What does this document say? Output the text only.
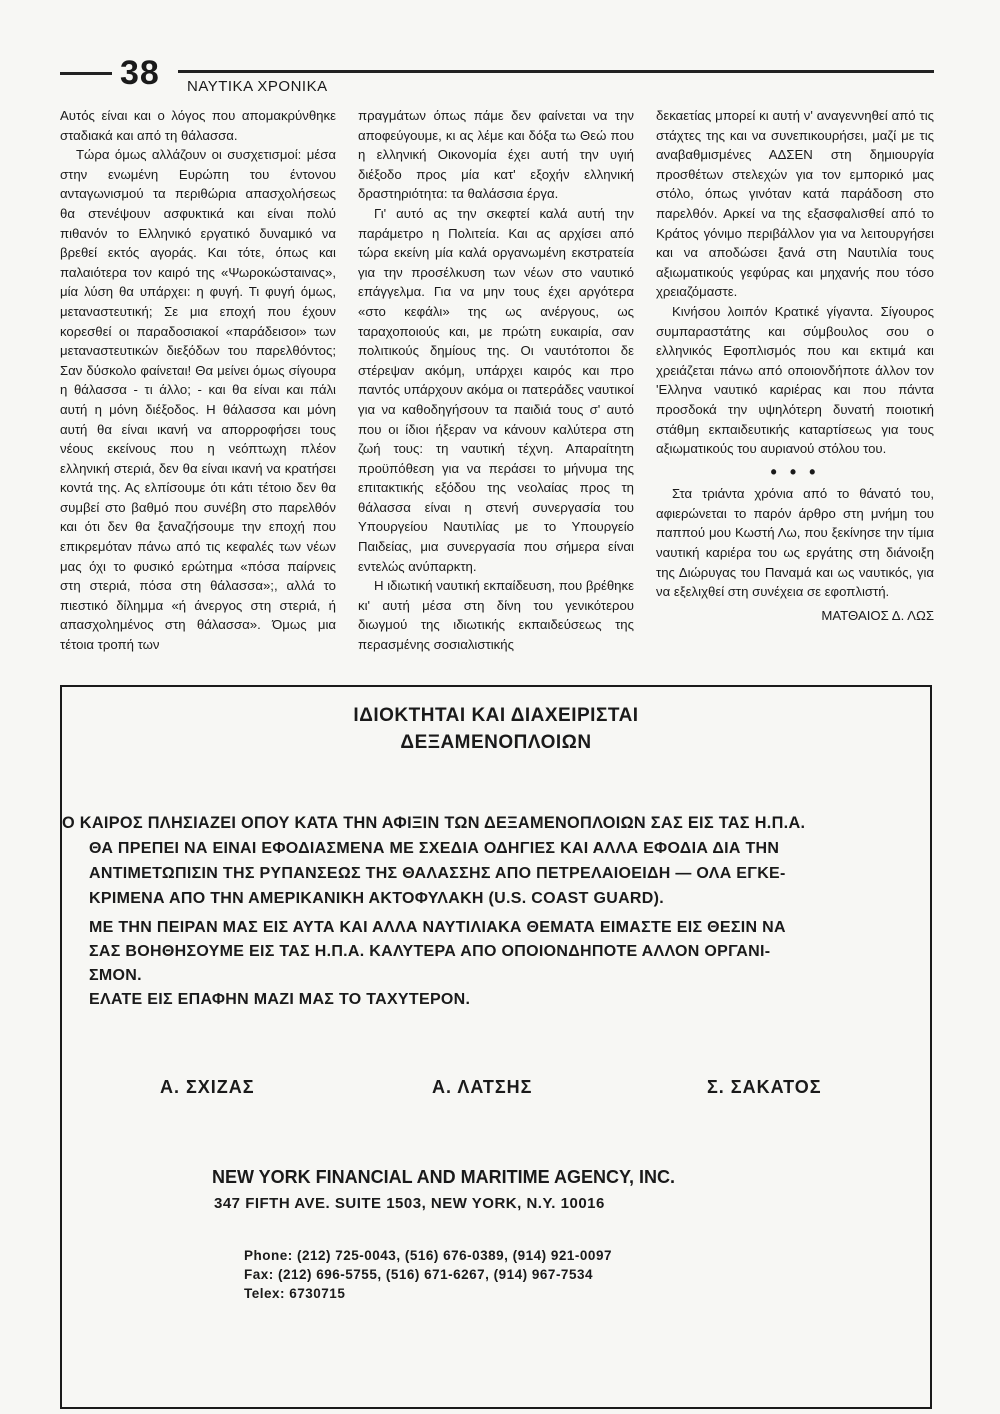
38 ΝΑΥΤΙΚΑ ΧΡΟΝΙΚΑ

Αυτός είναι και ο λόγος που απομακρύνθηκε σταδιακά και από τη θάλασσα.

Τώρα όμως αλλάζουν οι συσχετισμοί: μέσα στην ενωμένη Ευρώπη του έντονου ανταγωνισμού τα περιθώρια απασχολήσεως θα στενέψουν ασφυκτικά και είναι πολύ πιθανόν το Ελληνικό εργατικό δυναμικό να βρεθεί εκτός αγοράς. Και τότε, όπως και παλαιότερα τον καιρό της «Ψωροκώσταινας», μία λύση θα υπάρχει: η φυγή. Τι φυγή όμως, μεταναστευτική; Σε μια εποχή που έχουν κορεσθεί οι παραδοσιακοί «παράδεισοι» των μεταναστευτικών διεξόδων του παρελθόντος; Σαν δύσκολο φαίνεται! Θα μείνει όμως σίγουρα η θάλασσα - τι άλλο; - και θα είναι και πάλι αυτή η μόνη διέξοδος. Η θάλασσα και μόνη αυτή θα είναι ικανή να απορροφήσει τους νέους εκείνους που η νεόπτωχη πλέον ελληνική στεριά, δεν θα είναι ικανή να κρατήσει κοντά της. Ας ελπίσουμε ότι κάτι τέτοιο δεν θα συμβεί στο βαθμό που συνέβη στο παρελθόν και ότι δεν θα ξαναζήσουμε την εποχή που επικρεμόταν πάνω από τις κεφαλές των νέων μας όχι το φυσικό ερώτημα «πόσα παίρνεις στη στεριά, πόσα στη θάλασσα»;, αλλά το πιεστικό δίλημμα «ή άνεργος στη στεριά, ή απασχολημένος στη θάλασσα». Όμως μια τέτοια τροπή των

πραγμάτων όπως πάμε δεν φαίνεται να την αποφεύγουμε, κι ας λέμε και δόξα τω Θεώ που η ελληνική Οικονομία έχει αυτή την υγιή διέξοδο προς μία κατ' εξοχήν ελληνική δραστηριότητα: τα θαλάσσια έργα.

Γι' αυτό ας την σκεφτεί καλά αυτή την παράμετρο η Πολιτεία. Και ας αρχίσει από τώρα εκείνη μία καλά οργανωμένη εκστρατεία για την προσέλκυση των νέων στο ναυτικό επάγγελμα. Για να μην τους έχει αργότερα «στο κεφάλι» της ως ανέργους, ως ταραχοποιούς και, με πρώτη ευκαιρία, σαν πολιτικούς δημίους της. Οι ναυτότοποι δε στέρεψαν ακόμη, υπάρχει καιρός και προ παντός υπάρχουν ακόμα οι πατεράδες ναυτικοί για να καθοδηγήσουν τα παιδιά τους σ' αυτό που οι ίδιοι ήξεραν να κάνουν καλύτερα στη ζωή τους: τη ναυτική τέχνη. Απαραίτητη προϋπόθεση για να περάσει το μήνυμα της επιτακτικής εξόδου της νεολαίας προς τη θάλασσα είναι η στενή συνεργασία του Υπουργείου Ναυτιλίας με το Υπουργείο Παιδείας, μια συνεργασία που σήμερα είναι εντελώς ανύπαρκτη.

Η ιδιωτική ναυτική εκπαίδευση, που βρέθηκε κι' αυτή μέσα στη δίνη του γενικότερου διωγμού της ιδιωτικής εκπαιδεύσεως της περασμένης σοσιαλιστικής

δεκαετίας μπορεί κι αυτή ν' αναγεννηθεί από τις στάχτες της και να συνεπικουρήσει, μαζί με τις αναβαθμισμένες ΑΔΣΕΝ στη δημιουργία προσθέτων στελεχών για τον εμπορικό μας στόλο, όπως γινόταν κατά παράδοση στο παρελθόν. Αρκεί να της εξασφαλισθεί από το Κράτος γόνιμο περιβάλλον για να λειτουργήσει και να αποδώσει ξανά στη Ναυτιλία τους αξιωματικούς γεφύρας και μηχανής που τόσο χρειαζόμαστε.

Κινήσου λοιπόν Κρατικέ γίγαντα. Σίγουρος συμπαραστάτης και σύμβουλος σου ο ελληνικός Εφοπλισμός που και εκτιμά και χρειάζεται πάνω από οποιονδήποτε άλλον τον 'Ελληνα ναυτικό καριέρας και που πάντα προσδοκά την υψηλότερη δυνατή ποιοτική στάθμη εκπαιδευτικής καταρτίσεως για τους αξιωματικούς του αυριανού στόλου του.

• • •

Στα τριάντα χρόνια από το θάνατό του, αφιερώνεται το παρόν άρθρο στη μνήμη του παππού μου Κωστή Λω, που ξεκίνησε την τίμια ναυτική καριέρα του ως εργάτης στη διάνοιξη της Διώρυγας του Παναμά και ως ναυτικός, για να εξελιχθεί στη συνέχεια σε εφοπλιστή.

ΜΑΤΘΑΙΟΣ Δ. ΛΩΣ
ΙΔΙΟΚΤΗΤΑΙ ΚΑΙ ΔΙΑΧΕΙΡΙΣΤΑΙ
ΔΕΞΑΜΕΝΟΠΛΟΙΩΝ
Ο ΚΑΙΡΟΣ ΠΛΗΣΙΑΖΕΙ ΟΠΟΥ ΚΑΤΑ ΤΗΝ ΑΦΙΞΙΝ ΤΩΝ ΔΕΞΑΜΕΝΟΠΛΟΙΩΝ ΣΑΣ ΕΙΣ ΤΑΣ Η.Π.Α.
ΘΑ ΠΡΕΠΕΙ ΝΑ ΕΙΝΑΙ ΕΦΟΔΙΑΣΜΕΝΑ ΜΕ ΣΧΕΔΙΑ ΟΔΗΓΙΕΣ ΚΑΙ ΑΛΛΑ ΕΦΟΔΙΑ ΔΙΑ ΤΗΝ
ΑΝΤΙΜΕΤΩΠΙΣΙΝ ΤΗΣ ΡΥΠΑΝΣΕΩΣ ΤΗΣ ΘΑΛΑΣΣΗΣ ΑΠΟ ΠΕΤΡΕΛΑΙΟΕΙΔΗ — ΟΛΑ ΕΓΚΕ-
ΚΡΙΜΕΝΑ ΑΠΟ ΤΗΝ ΑΜΕΡΙΚΑΝΙΚΗ ΑΚΤΟΦΥΛΑΚΗ (U.S. COAST GUARD).
ΜΕ ΤΗΝ ΠΕΙΡΑΝ ΜΑΣ ΕΙΣ ΑΥΤΑ ΚΑΙ ΑΛΛΑ ΝΑΥΤΙΛΙΑΚΑ ΘΕΜΑΤΑ ΕΙΜΑΣΤΕ ΕΙΣ ΘΕΣΙΝ ΝΑ
ΣΑΣ ΒΟΗΘΗΣΟΥΜΕ ΕΙΣ ΤΑΣ Η.Π.Α. ΚΑΛΥΤΕΡΑ ΑΠΟ ΟΠΟΙΟΝΔΗΠΟΤΕ ΑΛΛΟΝ ΟΡΓΑΝΙ-
ΣΜΟΝ.
ΕΛΑΤΕ ΕΙΣ ΕΠΑΦΗΝ ΜΑΖΙ ΜΑΣ ΤΟ ΤΑΧΥΤΕΡΟΝ.
Α. ΣΧΙΖΑΣ	Α. ΛΑΤΣΗΣ	Σ. ΣΑΚΑΤΟΣ
NEW YORK FINANCIAL AND MARITIME AGENCY, INC.
347 FIFTH AVE. SUITE 1503, NEW YORK, N.Y. 10016
Phone: (212) 725-0043, (516) 676-0389, (914) 921-0097
Fax: (212) 696-5755, (516) 671-6267, (914) 967-7534
Telex: 6730715
